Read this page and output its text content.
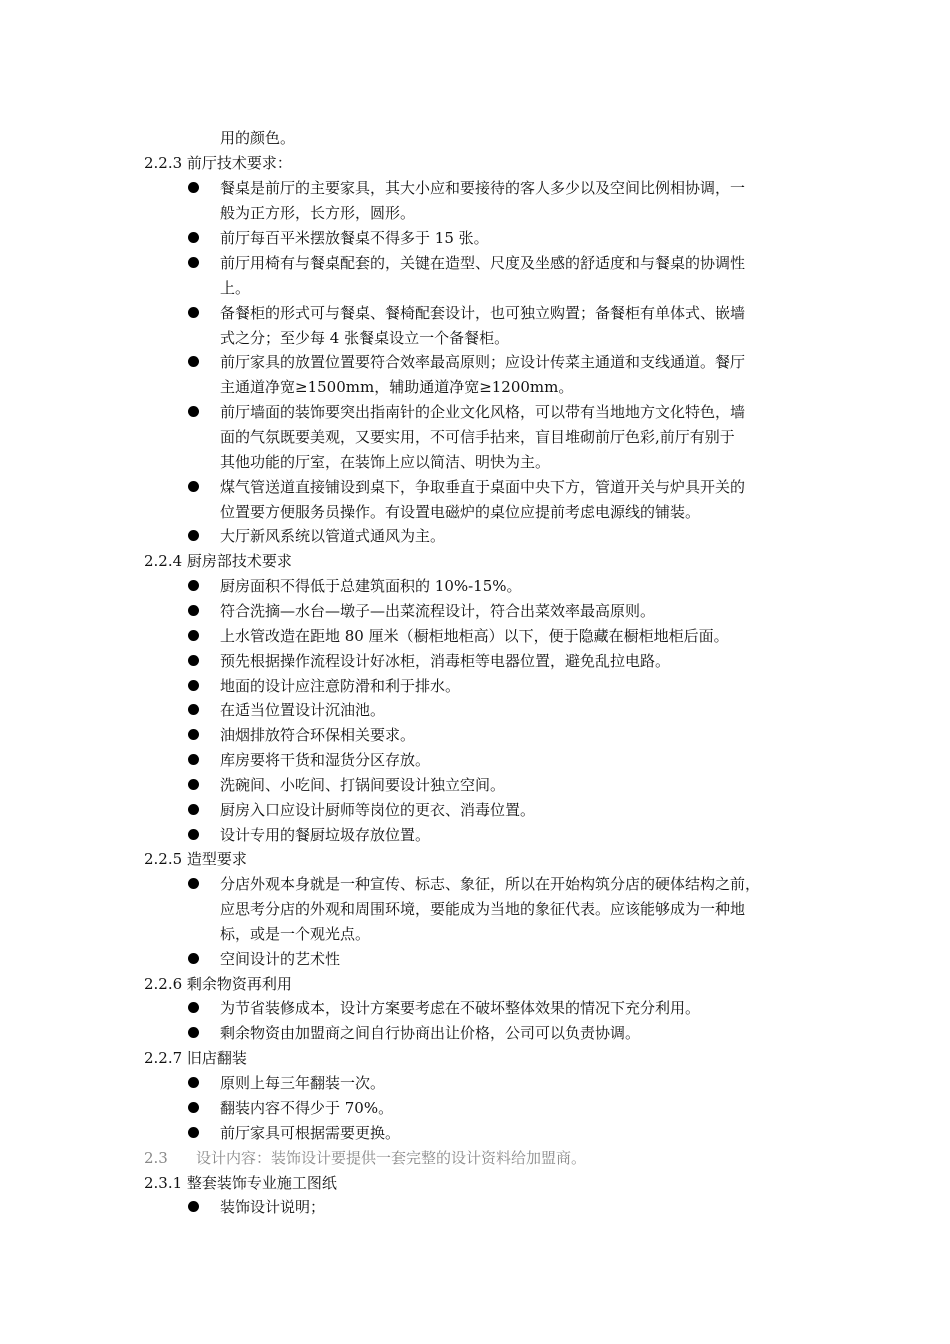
用的颜色。
2.2.3 前厅技术要求：
餐桌是前厅的主要家具，其大小应和要接待的客人多少以及空间比例相协调，一
般为正方形，长方形，圆形。
前厅每百平米摆放餐桌不得多于 15 张。
前厅用椅有与餐桌配套的，关键在造型、尺度及坐感的舒适度和与餐桌的协调性
上。
备餐柜的形式可与餐桌、餐椅配套设计，也可独立购置；备餐柜有单体式、嵌墙
式之分；至少每 4 张餐桌设立一个备餐柜。
前厅家具的放置位置要符合效率最高原则；应设计传菜主通道和支线通道。餐厅
主通道净宽≥1500mm，辅助通道净宽≥1200mm。
前厅墙面的装饰要突出指南针的企业文化风格，可以带有当地地方文化特色，墙
面的气氛既要美观，又要实用，不可信手拈来，盲目堆砌前厅色彩,前厅有别于
其他功能的厅室，在装饰上应以简洁、明快为主。
煤气管送道直接铺设到桌下，争取垂直于桌面中央下方，管道开关与炉具开关的
位置要方便服务员操作。有设置电磁炉的桌位应提前考虑电源线的铺装。
大厅新风系统以管道式通风为主。
2.2.4 厨房部技术要求
厨房面积不得低于总建筑面积的 10%-15%。
符合洗摘—水台—墩子—出菜流程设计，符合出菜效率最高原则。
上水管改造在距地 80 厘米（橱柜地柜高）以下，便于隐藏在橱柜地柜后面。
预先根据操作流程设计好冰柜，消毒柜等电器位置，避免乱拉电路。
地面的设计应注意防滑和利于排水。
在适当位置设计沉油池。
油烟排放符合环保相关要求。
库房要将干货和湿货分区存放。
洗碗间、小吃间、打锅间要设计独立空间。
厨房入口应设计厨师等岗位的更衣、消毒位置。
设计专用的餐厨垃圾存放位置。
2.2.5 造型要求
分店外观本身就是一种宣传、标志、象征，所以在开始构筑分店的硬体结构之前，
应思考分店的外观和周围环境，要能成为当地的象征代表。应该能够成为一种地
标，或是一个观光点。
空间设计的艺术性
2.2.6 剩余物资再利用
为节省装修成本，设计方案要考虑在不破坏整体效果的情况下充分利用。
剩余物资由加盟商之间自行协商出让价格，公司可以负责协调。
2.2.7 旧店翻装
原则上每三年翻装一次。
翻装内容不得少于 70%。
前厅家具可根据需要更换。
2.3 设计内容：装饰设计要提供一套完整的设计资料给加盟商。
2.3.1 整套装饰专业施工图纸
装饰设计说明；
